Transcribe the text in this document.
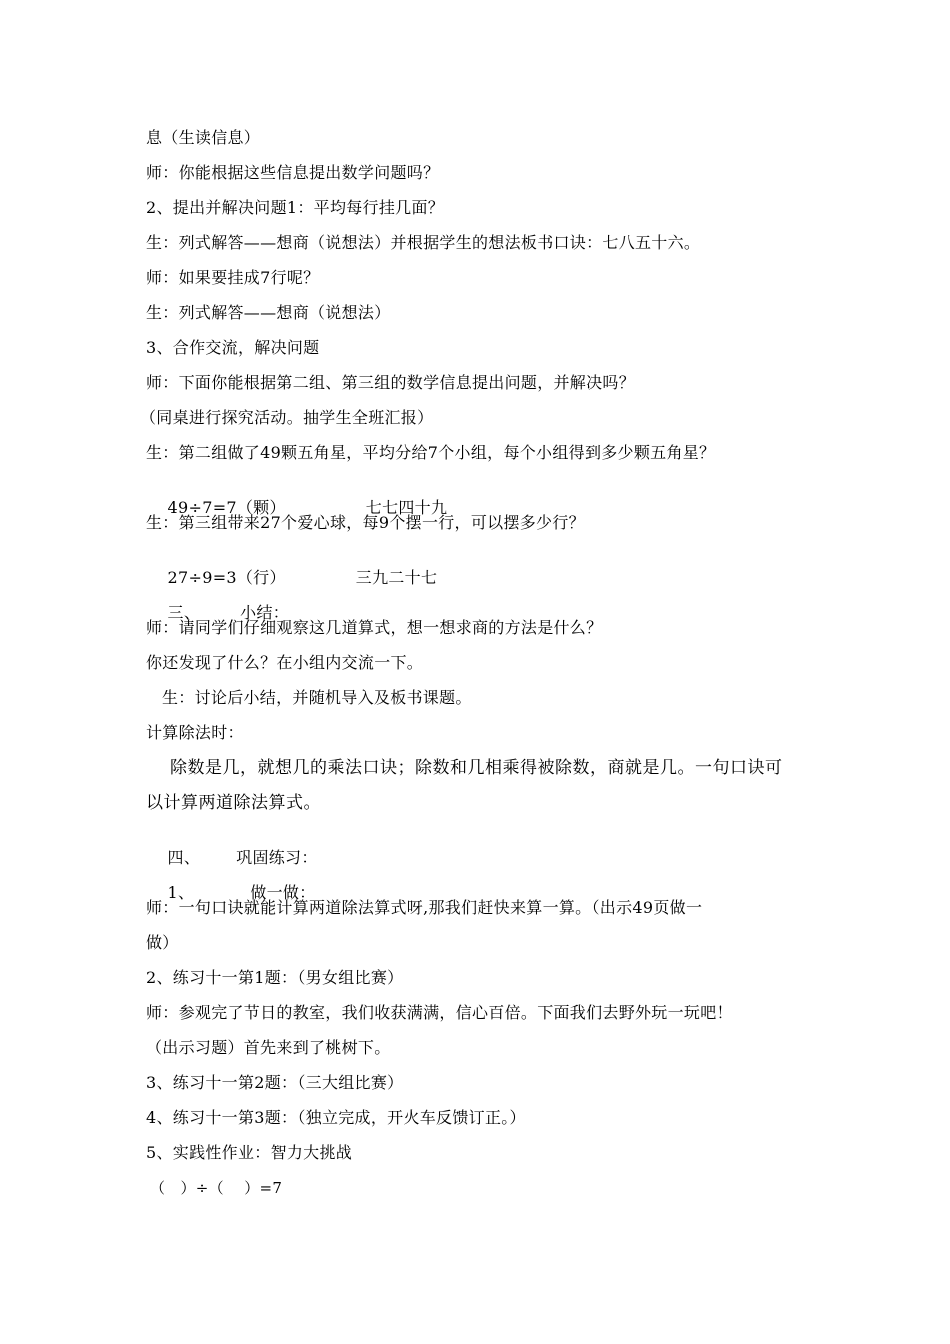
息（生读信息）
师：你能根据这些信息提出数学问题吗？
2、提出并解决问题1：平均每行挂几面？
生：列式解答——想商（说想法）并根据学生的想法板书口诀：七八五十六。
师：如果要挂成7行呢？
生：列式解答——想商（说想法）
3、合作交流，解决问题
师：下面你能根据第二组、第三组的数学信息提出问题，并解决吗？
（同桌进行探究活动。抽学生全班汇报）
生：第二组做了49颗五角星，平均分给7个小组，每个小组得到多少颗五角星？

49÷7=7（颗）	七七四十九

生：第三组带来27个爱心球，每9个摆一行，可以摆多少行？

27÷9=3（行）	三九二十七

三、	小结：

师：请同学们仔细观察这几道算式，想一想求商的方法是什么？
你还发现了什么？在小组内交流一下。
生：讨论后小结，并随机导入及板书课题。
计算除法时：
除数是几，就想几的乘法口诀；除数和几相乘得被除数，商就是几。一句口诀可
以计算两道除法算式。

四、 巩固练习：

1、	做一做：

师：一句口诀就能计算两道除法算式呀,那我们赶快来算一算。（出示49页做一
做）
2、练习十一第1题：（男女组比赛）
师：参观完了节日的教室，我们收获满满，信心百倍。下面我们去野外玩一玩吧！
（出示习题）首先来到了桃树下。
3、练习十一第2题：（三大组比赛）
4、练习十一第3题：（独立完成，开火车反馈订正。）
5、实践性作业：智力大挑战
（   ）÷（    ）=7
